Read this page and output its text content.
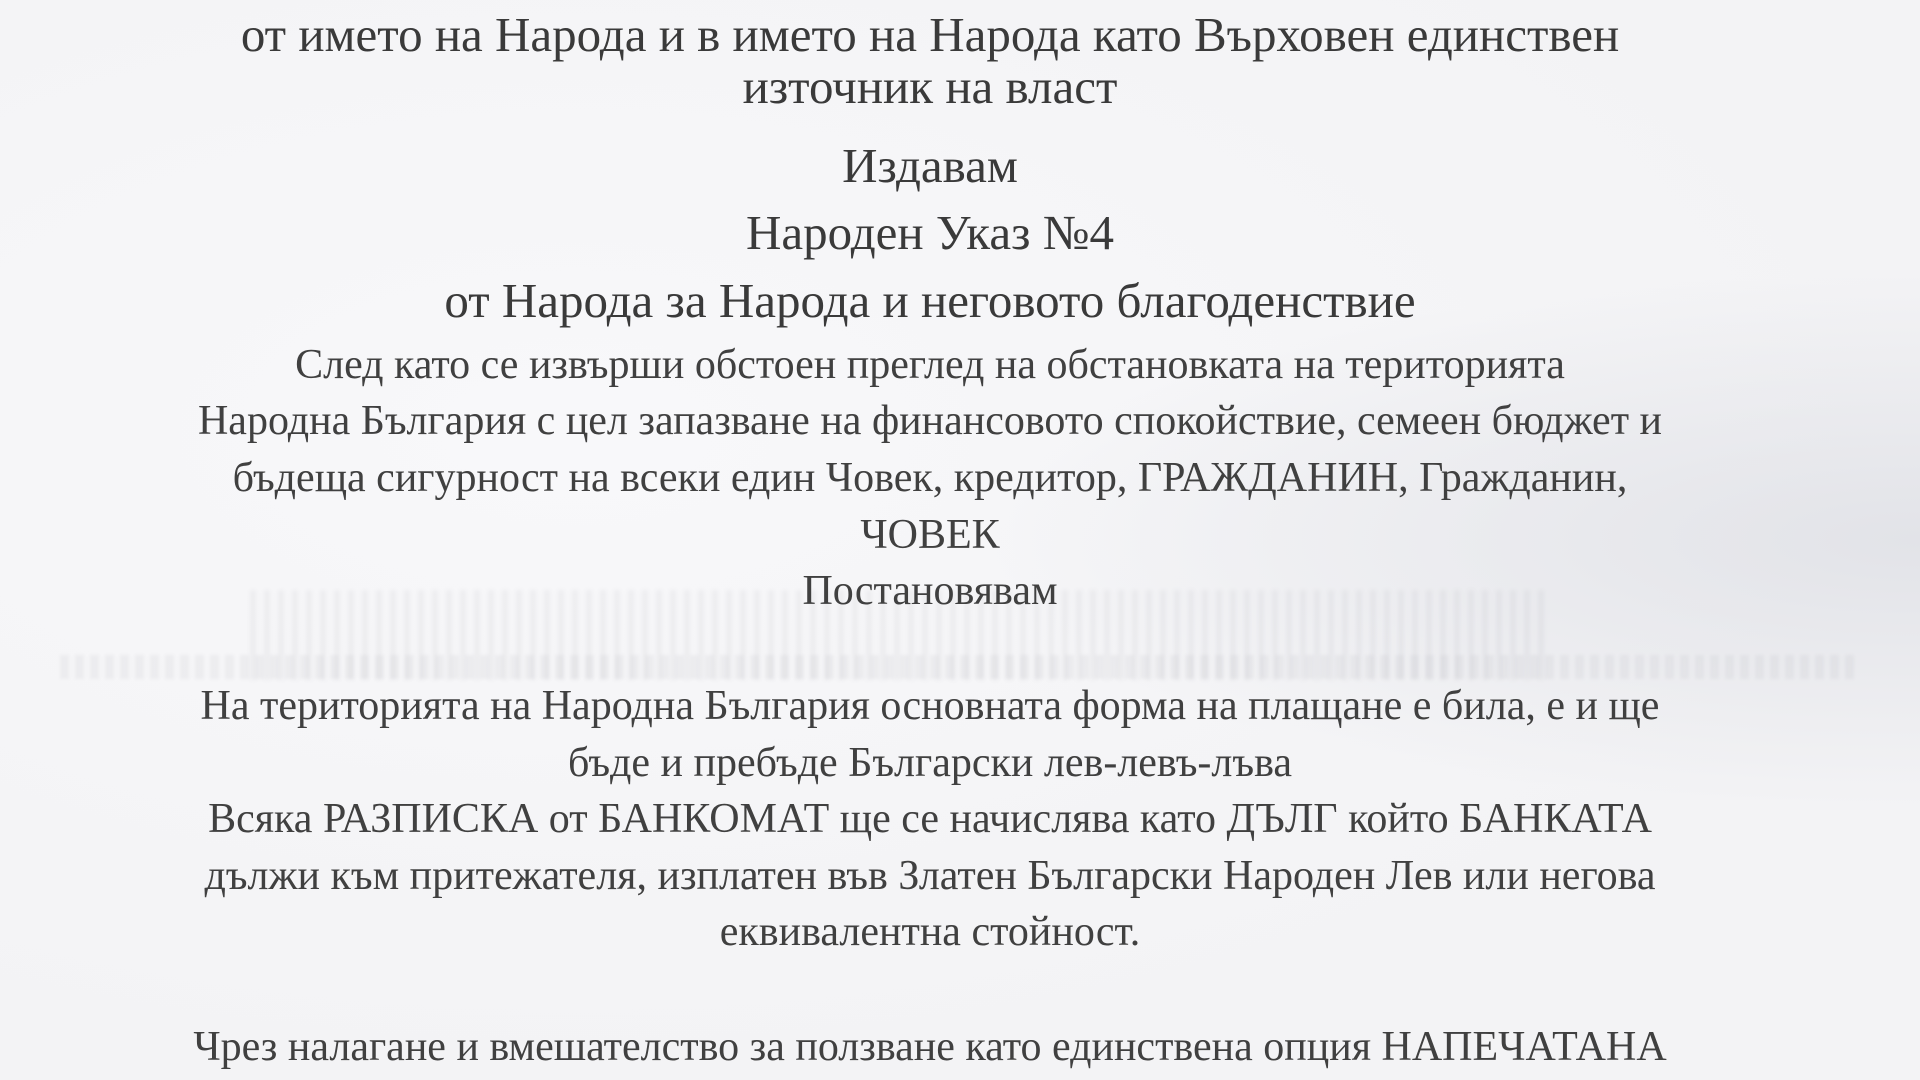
от името на Народа и в името на Народа като Върховен единствен

източник на власт

Издавам

Народен Указ №4

от Народа за Народа и неговото благоденствие

След като се извърши обстоен преглед на обстановката на територията

Народна България с цел запазване на финансовото спокойствие, семеен бюджет и

бъдеща сигурност на всеки един Човек, кредитор, ГРАЖДАНИН, Гражданин,

ЧОВЕК

Постановявам

На територията на Народна България основната форма на плащане е била, е и ще

бъде и пребъде Български лев-левъ-лъва

Всяка РАЗПИСКА от БАНКОМАТ ще се начислява като ДЪЛГ който БАНКАТА

дължи към притежателя, изплатен във Златен Български Народен Лев или негова

еквивалентна стойност.

Чрез налагане и вмешателство за ползване като единствена опция НАПЕЧАТАНА
